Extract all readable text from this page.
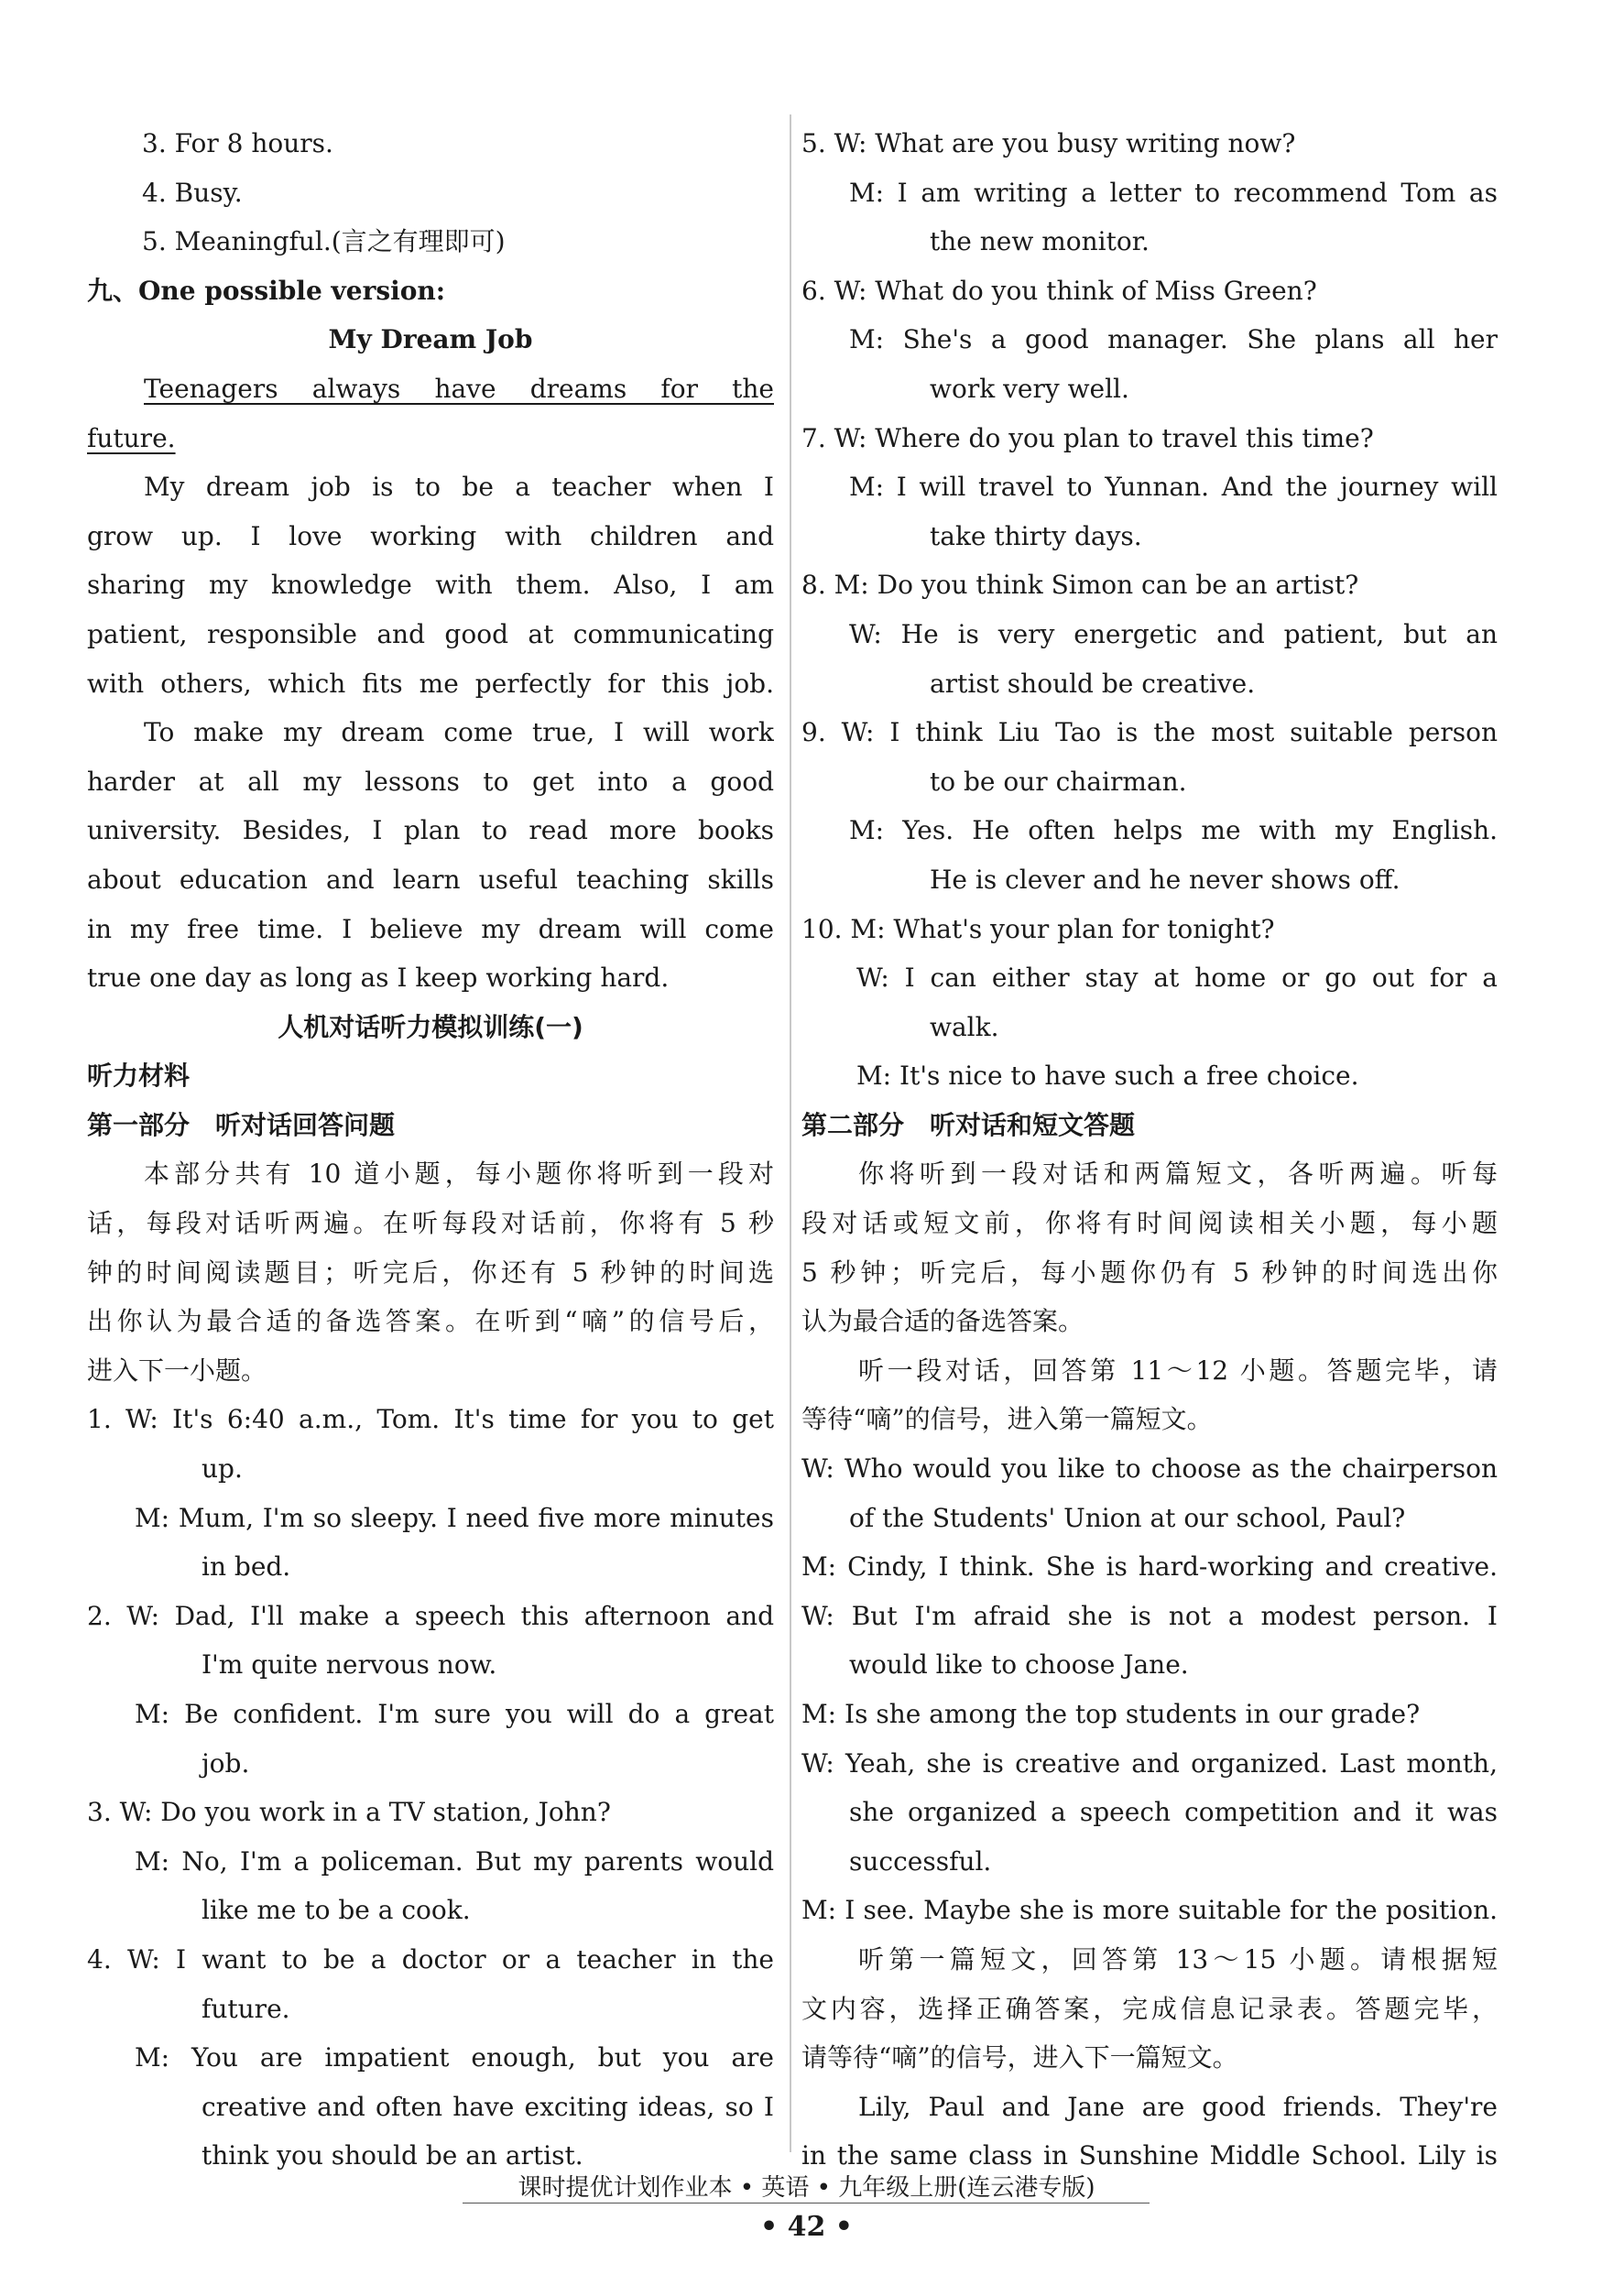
3. For 8 hours.
4. Busy.
5. Meaningful.(言之有理即可)
九、One possible version:
My Dream Job
Teenagers always have dreams for the
future.
My dream job is to be a teacher when I
grow up. I love working with children and
sharing my knowledge with them. Also, I am
patient, responsible and good at communicating
with others, which fits me perfectly for this job.
To make my dream come true, I will work
harder at all my lessons to get into a good
university. Besides, I plan to read more books
about education and learn useful teaching skills
in my free time. I believe my dream will come
true one day as long as I keep working hard.
人机对话听力模拟训练(一)
听力材料
第一部分　听对话回答问题
本部分共有 10 道小题，每小题你将听到一段对
话，每段对话听两遍。在听每段对话前，你将有 5 秒
钟的时间阅读题目；听完后，你还有 5 秒钟的时间选
出你认为最合适的备选答案。在听到“嘀”的信号后，
进入下一小题。
1. W: It's 6:40 a.m., Tom. It's time for you to get
up.
M: Mum, I'm so sleepy. I need five more minutes
in bed.
2. W: Dad, I'll make a speech this afternoon and
I'm quite nervous now.
M: Be confident. I'm sure you will do a great
job.
3. W: Do you work in a TV station, John?
M: No, I'm a policeman. But my parents would
like me to be a cook.
4. W: I want to be a doctor or a teacher in the
future.
M: You are impatient enough, but you are
creative and often have exciting ideas, so I
think you should be an artist.
5. W: What are you busy writing now?
M: I am writing a letter to recommend Tom as
the new monitor.
6. W: What do you think of Miss Green?
M: She's a good manager. She plans all her
work very well.
7. W: Where do you plan to travel this time?
M: I will travel to Yunnan. And the journey will
take thirty days.
8. M: Do you think Simon can be an artist?
W: He is very energetic and patient, but an
artist should be creative.
9. W: I think Liu Tao is the most suitable person
to be our chairman.
M: Yes. He often helps me with my English.
He is clever and he never shows off.
10. M: What's your plan for tonight?
W: I can either stay at home or go out for a
walk.
M: It's nice to have such a free choice.
第二部分　听对话和短文答题
你将听到一段对话和两篇短文，各听两遍。听每
段对话或短文前，你将有时间阅读相关小题，每小题
5 秒钟；听完后，每小题你仍有 5 秒钟的时间选出你
认为最合适的备选答案。
听一段对话，回答第 11～12 小题。答题完毕，请
等待“嘀”的信号，进入第一篇短文。
W: Who would you like to choose as the chairperson
of the Students' Union at our school, Paul?
M: Cindy, I think. She is hard-working and creative.
W: But I'm afraid she is not a modest person. I
would like to choose Jane.
M: Is she among the top students in our grade?
W: Yeah, she is creative and organized. Last month,
she organized a speech competition and it was
successful.
M: I see. Maybe she is more suitable for the position.
听第一篇短文，回答第 13～15 小题。请根据短
文内容，选择正确答案，完成信息记录表。答题完毕，
请等待“嘀”的信号，进入下一篇短文。
Lily, Paul and Jane are good friends. They're
in the same class in Sunshine Middle School. Lily is
课时提优计划作业本 • 英语 • 九年级上册(连云港专版)
• 42 •
